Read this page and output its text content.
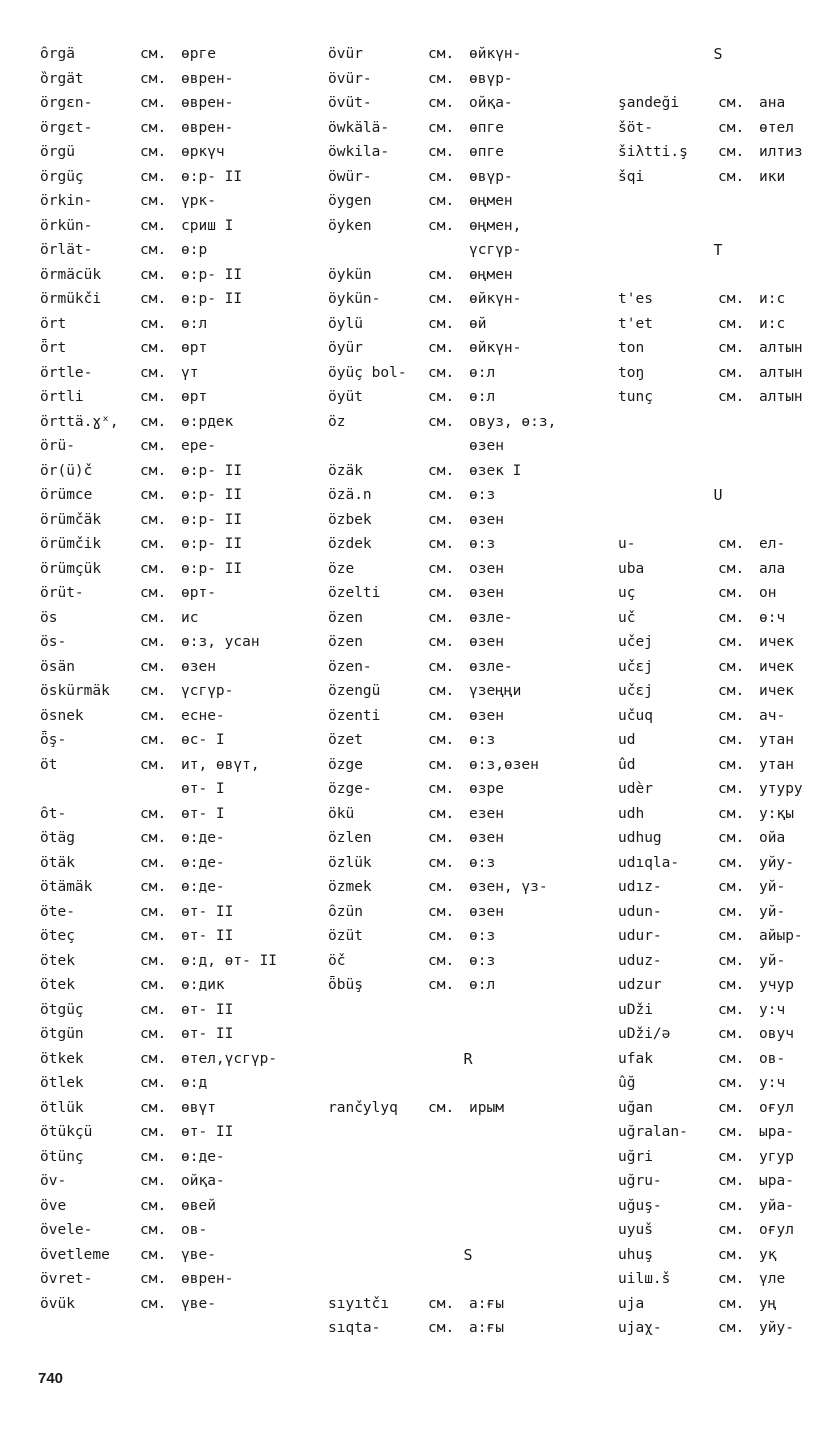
ȏrgä	см. өрге
ȍrgät	см. өврен-
örgɛn-	см. өврен-
örgɛt-	см. өврен-
örgü	см. өркүч
örgüç	см. ө:р- II
örkin-	см. үрк-
örkün-	см. сриш I
örlät-	см. ө:р
örmäcük	см. ө:р- II
örmükči	см. ө:р- II
ört	см. ө:л
ȫrt	см. өрт
örtle-	см. үт
örtli	см. өрт
örttä.ɣˣ, см. ө:рдек
örü-	см. ере-
ör(ü)č	см. ө:р- II
örümce	см. ө:р- II
örümčäk	см. ө:р- II
örümčik	см. ө:р- II
örümçük	см. ө:р- II
örüt-	см. өрт-
ös	см. ис
ös-	см. ө:з, усан
ösän	см. өзен
öskürmäk см. үсгүр-
ösnek	см. есне-
ȫş-	см. өс- I
öt	см. ит, өвүт,
өт- I
ȏt-	см. өт- I
ötäg	см. ө:де-
ötäk	см. ө:де-
ötämäk	см. ө:де-
öte-	см. өт- II
öteç	см. өт- II
ötek	см. ө:д, өт- II
ötek	см. ө:дик
ötgüç	см. өт- II
ötgün	см. өт- II
ötkek	см. өтел,үсгүр-
ötlek	см. ө:д
ötlük	см. өвүт
ötükçü	см. өт- II
ötünç	см. ө:де-
öv-	см. ойқа-
öve	см. өвей
övele-	см. ов-
övetleme см. үве-
övret-	см. өврен-
övük	см. үве-
övür	см. өйкүн-
övür-	см. өвүр-
övüt-	см. ойқа-
öwkälä-	см. өпге
öwkila-	см. өпге
öwür-	см. өвүр-
öygen	см. өңмен
öyken	см. өңмен,
үсгүр-
öykün	см. өңмен
öykün-	см. өйкүн-
öylü	см. өй
öyür	см. өйкүн-
öyüç bol- см. ө:л
öyüt	см. ө:л
öz	см. овуз, ө:з,
өзен
özäk	см. өзек I
özä.n	см. ө:з
özbek	см. өзен
özdek	см. ө:з
öze	см. озен
özelti	см. өзен
özen	см. өзле-
özen	см. өзен
özen-	см. өзле-
özengü	см. үзеңңи
özenti	см. өзен
özet	см. ө:з
özge	см. ө:з,өзен
özge-	см. өзре
ökü	см. езен
özlen	см. өзен
özlük	см. ө:з
özmek	см. өзен, үз-
ȏzün	см. өзен
özüt	см. ө:з
öč	см. ө:з
ȫbüş	см. ө:л
R
rančylyq см. ирым
S
sıyıtčı	см. а:ғы
sıqta-	см. а:ғы
S
şandeği	см. ана
šöt-	см. өтел
šiλtti.ş см. илтиз
šqi	см. ики
T
t'es	см. и:с
t'et	см. и:с
ton	см. алтын
toŋ	см. алтын
tunç	см. алтын
U
u-	см. ел-
uba	см. ала
uç	см. он
uč	см. ө:ч
učej	см. ичек
učɛj	см. ичек
učɛj	см. ичек
učuq	см. ач-
ud	см. утан
ûd	см. утан
udèr	см. утуру
udh	см. у:қы
udhug	см. ойа
udıqla-	см. уйу-
udız-	см. уй-
udun-	см. уй-
udur-	см. айыр-
uduz-	см. уй-
udzur	см. учур
uDži	см. у:ч
uDži/ə	см. овуч
ufak	см. ов-
ûğ	см. у:ч
uğan	см. оғул
uğralan- см. ыра-
uğri	см. угур
uğru-	см. ыра-
uğuş-	см. уйа-
uyuš	см. оғул
uhuş	см. уқ
uilш.š	см. үле
uja	см. уң
ujaχ-	см. уйу-
740
